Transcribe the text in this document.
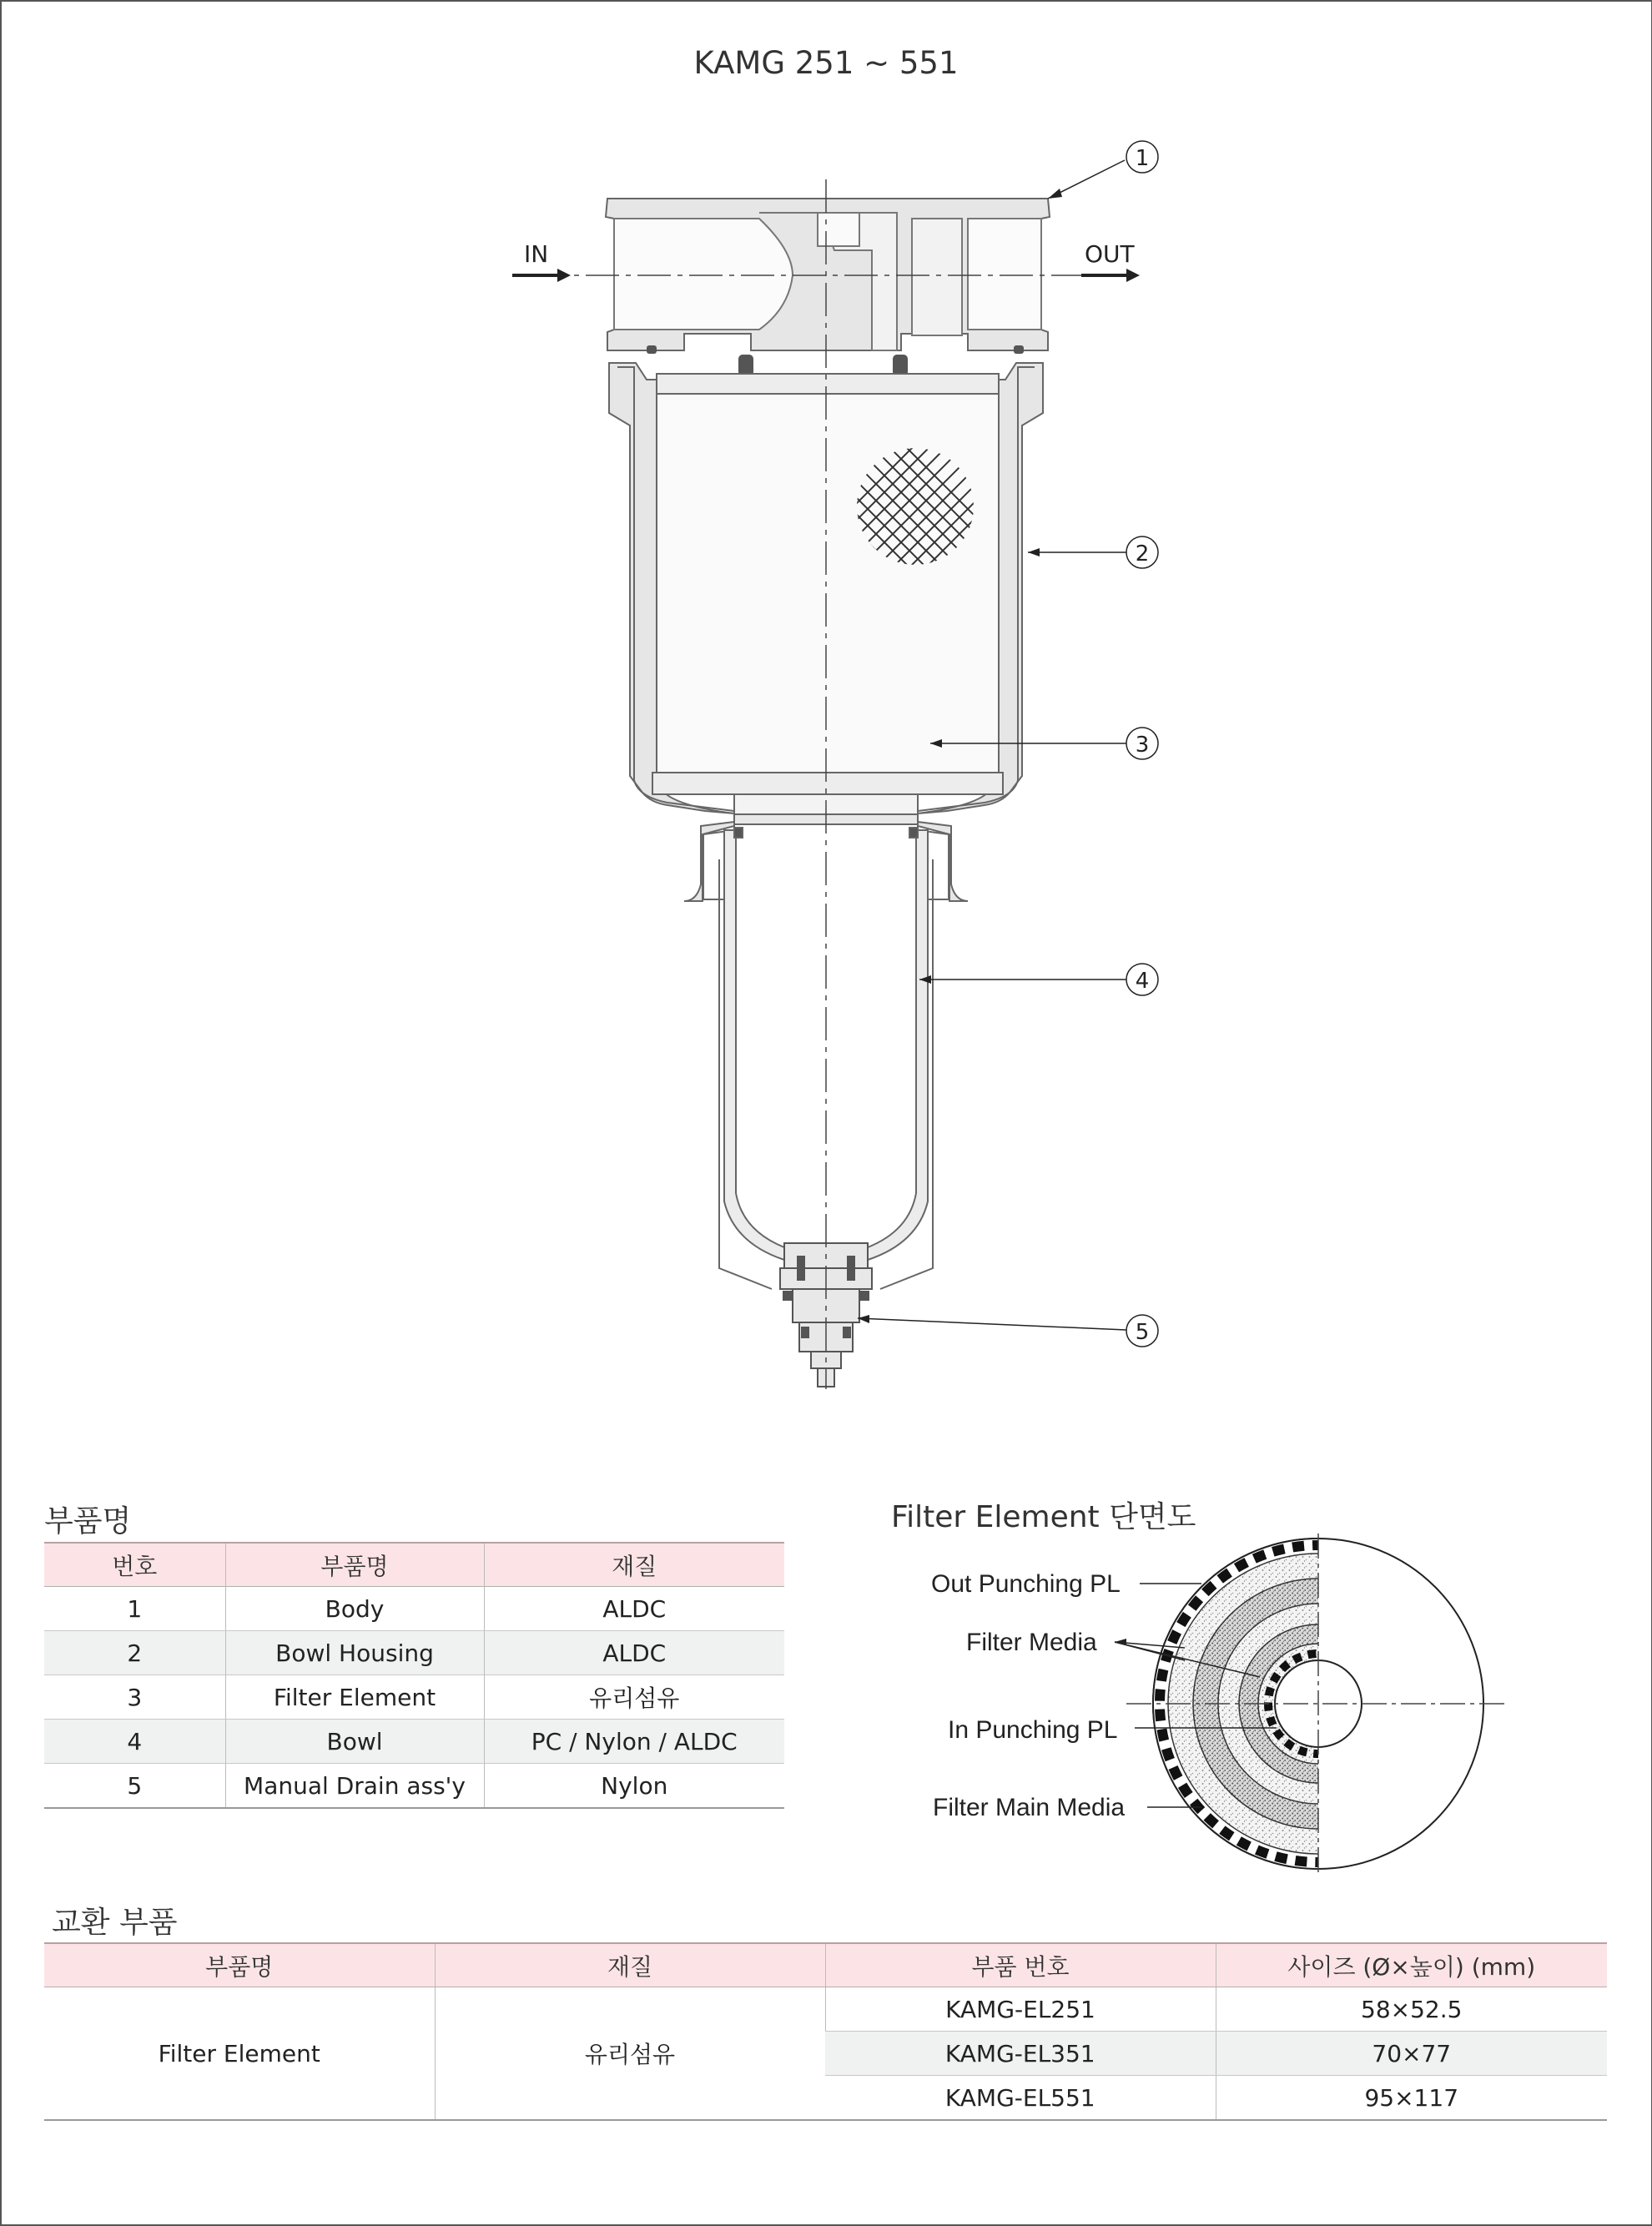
IN	OUT
1
2
3
4
5
Out Punching PL
Filter Media
In Punching PL
Filter Main Media
KAMG 251 ~ 551
부품명	Filter Element 단면도
교환 부품
번호	부품명	재질
1	Body	ALDC
2	Bowl Housing	ALDC
3	Filter Element	유리섬유
4	Bowl	PC / Nylon / ALDC
5	Manual Drain ass'y	Nylon
부품명	재질	부품 번호	사이즈 (Ø×높이) (mm)
Filter Element	유리섬유	KAMG-EL251	58×52.5
		KAMG-EL351	70×77
		KAMG-EL551	95×117
